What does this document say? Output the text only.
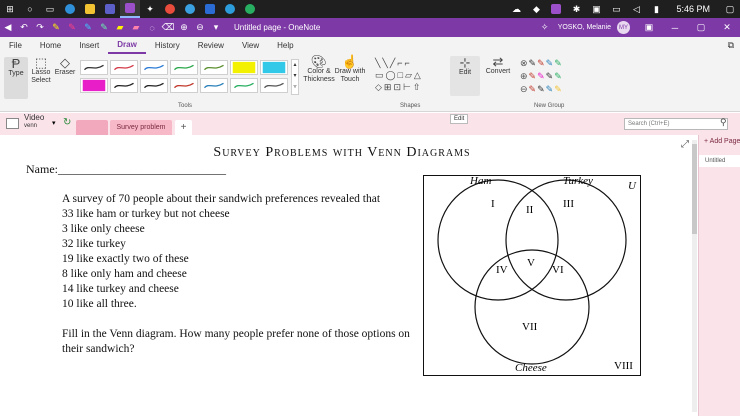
⊞	○	▭	✦	☁	◆	✱	▣	▭	◁	▮	5:46 PM	▢
◀ ↶ ↷ ✎ ✎ ✎ ✎ ▰	▰	◌ ⌫ ⊕ ⊖	▾	Untitled page - OneNote	✧	YOSKO, Melanie	MY	▣	─	▢	✕
File	Home	Insert	Draw	History	Review	View	Help	⧉
Ᵽ
Type
⬚
Lasso Select
◇
Eraser
▴
▾
▿
Tools
🎨︎
Color & Thickness
☝
Draw with Touch
╲╲╱⌐⌐
▭◯□▱△
◇⊞⊡⊢⇧
Shapes
⊹
Edit
⇄
Convert
Edit
⊗✎✎✎✎
⊕✎✎✎✎
⊖✎✎✎✎
New Group
Video
venn	▾ ↻	Survey problem	+	Search (Ctrl+E)	⚲
⤢
Survey Problems with Venn Diagrams
Name:____________________________
A survey of 70 people about their sandwich preferences revealed that
33 like ham or turkey but not cheese
3 like only cheese
32 like turkey
19 like exactly two of these
8 like only ham and cheese
14 like turkey and cheese
10 like all three.
Fill in the Venn diagram. How many people prefer none of those options on their sandwich?
U
Ham	Turkey
Cheese
I	II	III
IV
V
VI
VII
VIII
+ Add Page
Untitled
